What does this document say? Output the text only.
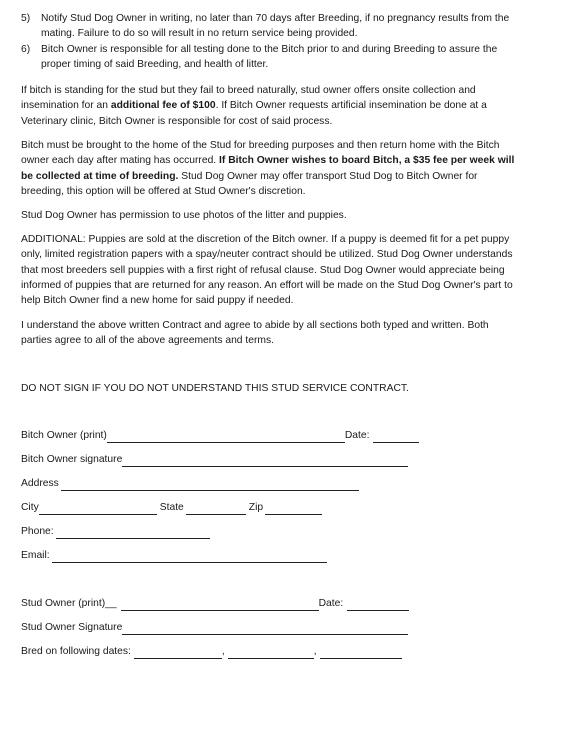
5) Notify Stud Dog Owner in writing, no later than 70 days after Breeding, if no pregnancy results from the mating. Failure to do so will result in no return service being provided.
6) Bitch Owner is responsible for all testing done to the Bitch prior to and during Breeding to assure the proper timing of said Breeding, and health of litter.

If bitch is standing for the stud but they fail to breed naturally, stud owner offers onsite collection and insemination for an additional fee of $100. If Bitch Owner requests artificial insemination be done at a Veterinary clinic, Bitch Owner is responsible for cost of said process.

Bitch must be brought to the home of the Stud for breeding purposes and then return home with the Bitch owner each day after mating has occurred. If Bitch Owner wishes to board Bitch, a $35 fee per week will be collected at time of breeding. Stud Dog Owner may offer transport Stud Dog to Bitch Owner for breeding, this option will be offered at Stud Owner's discretion.

Stud Dog Owner has permission to use photos of the litter and puppies.

ADDITIONAL: Puppies are sold at the discretion of the Bitch owner. If a puppy is deemed fit for a pet puppy only, limited registration papers with a spay/neuter contract should be utilized. Stud Dog Owner understands that most breeders sell puppies with a first right of refusal clause. Stud Dog Owner would appreciate being informed of puppies that are returned for any reason. An effort will be made on the Stud Dog Owner's part to help Bitch Owner find a new home for said puppy if needed.

I understand the above written Contract and agree to abide by all sections both typed and written. Both parties agree to all of the above agreements and terms.

DO NOT SIGN IF YOU DO NOT UNDERSTAND THIS STUD SERVICE CONTRACT.
Bitch Owner (print)	Date:
Bitch Owner signature
Address
City	State	Zip
Phone:
Email:
Stud Owner (print)__	Date:
Stud Owner Signature
Bred on following dates:	,	,
